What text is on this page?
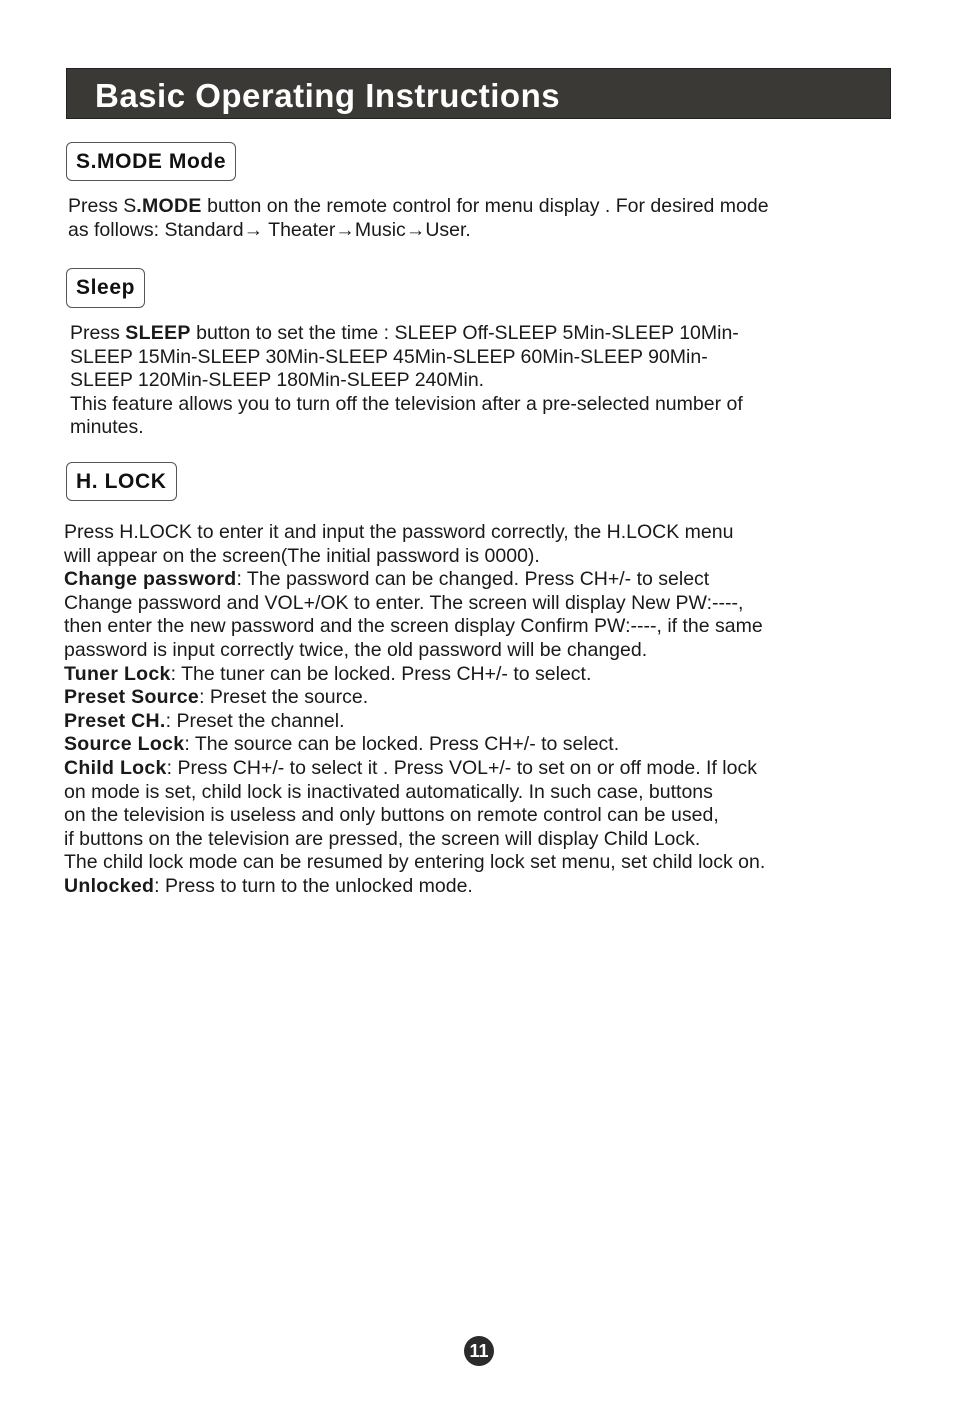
Basic Operating Instructions
S.MODE Mode
Press S.MODE button on the remote control for menu display . For desired mode
as follows: Standard→ Theater→Music→User.
Sleep
Press SLEEP button to set the time : SLEEP Off-SLEEP 5Min-SLEEP 10Min-
SLEEP 15Min-SLEEP 30Min-SLEEP 45Min-SLEEP 60Min-SLEEP 90Min-
SLEEP 120Min-SLEEP 180Min-SLEEP 240Min.
This feature allows you to turn off the television after a pre-selected number of
minutes.
H. LOCK
Press H.LOCK to enter it and input the password correctly, the H.LOCK menu
will appear on the screen(The initial password is 0000).
Change password: The password can be changed. Press CH+/- to select
Change password and VOL+/OK to enter. The screen will display New PW:----,
then enter the new password and the screen display Confirm PW:----, if the same
password is input correctly twice, the old password will be changed.
Tuner Lock: The tuner can be locked. Press CH+/- to select.
Preset Source: Preset the source.
Preset CH.: Preset the channel.
Source Lock: The source can be locked. Press CH+/- to select.
Child Lock: Press CH+/- to select it . Press VOL+/- to set on or off mode. If lock
on mode is set, child lock is inactivated automatically. In such case, buttons
on the television is useless and only buttons on remote control can be used,
if buttons on the television are pressed, the screen will display Child Lock.
The child lock mode can be resumed by entering lock set menu, set child lock on.
Unlocked: Press to turn to the unlocked mode.
11
